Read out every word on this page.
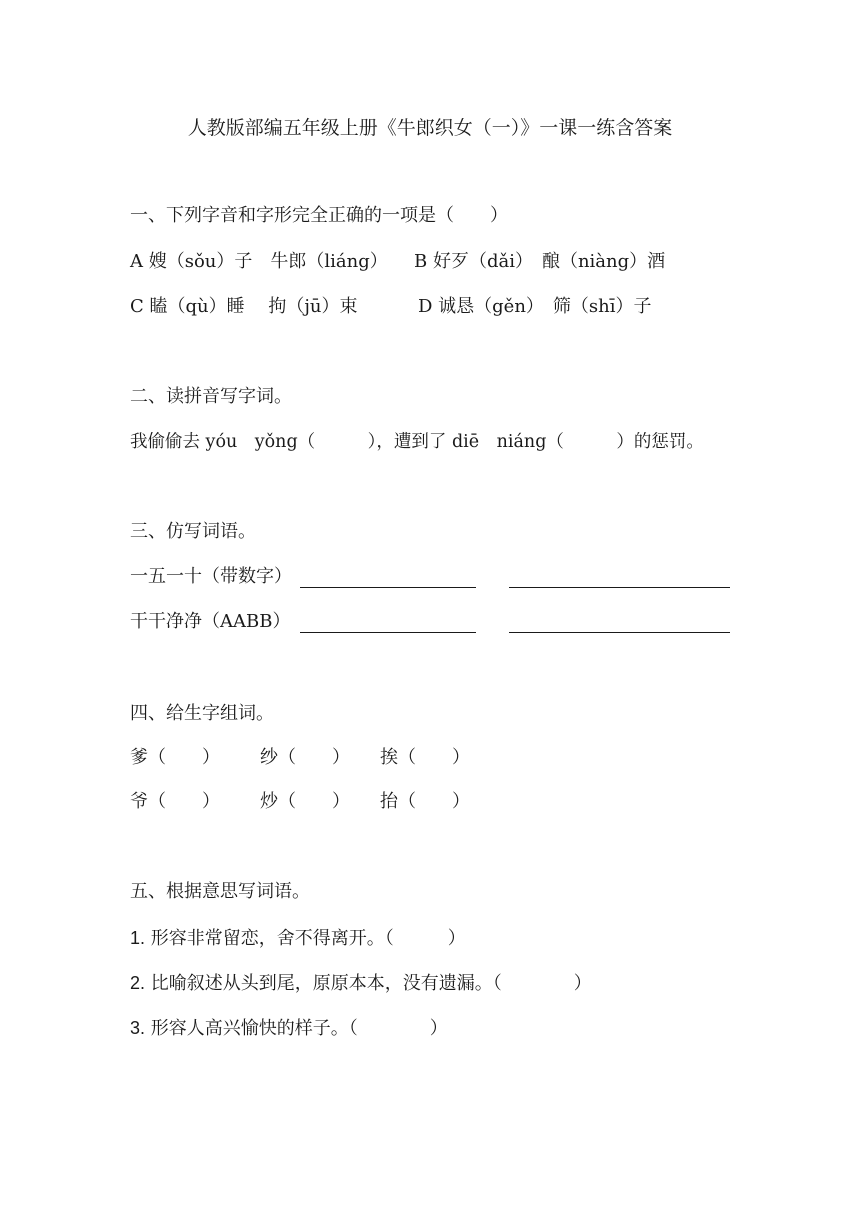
人教版部编五年级上册《牛郎织女（一）》一课一练含答案
一、下列字音和字形完全正确的一项是（　　）
A 嫂（sǒu）子　牛郎（liáng） B 好歹（dǎi）　酿（niàng）酒
C 瞌（qù）睡　 拘（jū）束	D 诚恳（gěn）　筛（shī）子
二、读拼音写字词。
我偷偷去 yóu　yǒng（　　　），遭到了 diē　niáng（　　　）的惩罚。
三、仿写词语。
一五一十（带数字）
干干净净（AABB）
四、给生字组词。
爹（　　） 纱（　　） 挨（　　）
爷（　　） 炒（　　） 抬（　　）
五、根据意思写词语。
1. 形容非常留恋，舍不得离开。（　　　）
2. 比喻叙述从头到尾，原原本本，没有遗漏。（　　　　）
3. 形容人高兴愉快的样子。（　　　　）
